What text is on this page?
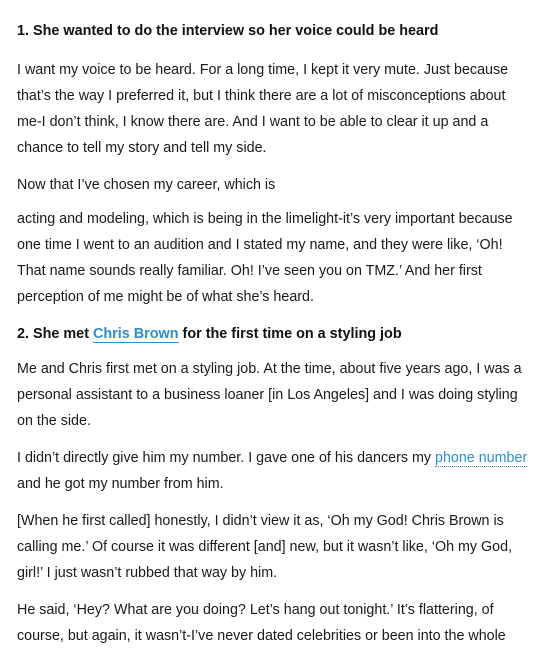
1. She wanted to do the interview so her voice could be heard

I want my voice to be heard. For a long time, I kept it very mute. Just because that’s the way I preferred it, but I think there are a lot of misconceptions about me-I don’t think, I know there are. And I want to be able to clear it up and a chance to tell my story and tell my side.

Now that I’ve chosen my career, which is

acting and modeling, which is being in the limelight-it’s very important because one time I went to an audition and I stated my name, and they were like, ‘Oh! That name sounds really familiar. Oh! I’ve seen you on TMZ.’ And her first perception of me might be of what she’s heard.

2. She met Chris Brown for the first time on a styling job

Me and Chris first met on a styling job. At the time, about five years ago, I was a personal assistant to a business loaner [in Los Angeles] and I was doing styling on the side.

I didn’t directly give him my number. I gave one of his dancers my phone number and he got my number from him.

[When he first called] honestly, I didn’t view it as, ‘Oh my God! Chris Brown is calling me.’ Of course it was different [and] new, but it wasn’t like, ‘Oh my God, girl!’ I just wasn’t rubbed that way by him.

He said, ‘Hey? What are you doing? Let’s hang out tonight.’ It’s flattering, of course, but again, it wasn’t-I’ve never dated celebrities or been into the whole
